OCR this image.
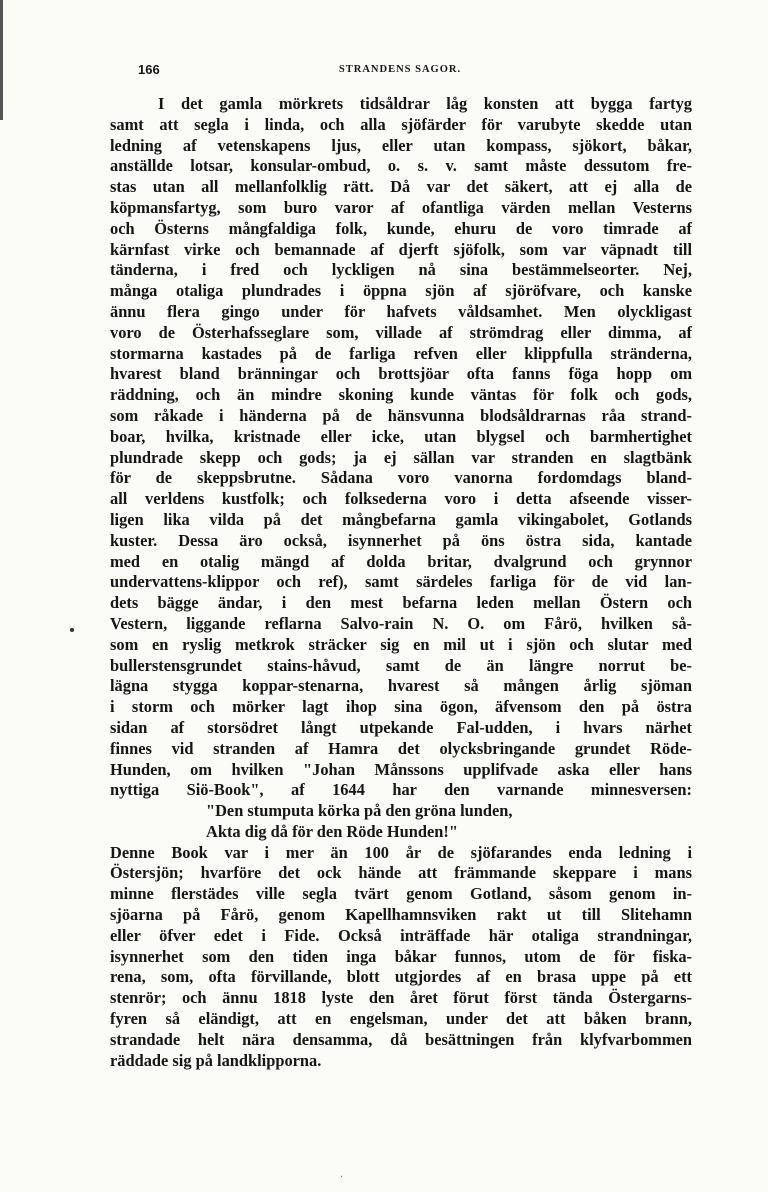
166	STRANDENS SAGOR.
I det gamla mörkrets tidsåldrar låg konsten att bygga fartyg
samt att segla i linda, och alla sjöfärder för varubyte skedde utan
ledning af vetenskapens ljus, eller utan kompass, sjökort, båkar,
anställde lotsar, konsular-ombud, o. s. v. samt måste dessutom fre-
stas utan all mellanfolklig rätt. Då var det säkert, att ej alla de
köpmansfartyg, som buro varor af ofantliga värden mellan Vesterns
och Österns mångfaldiga folk, kunde, ehuru de voro timrade af
kärnfast virke och bemannade af djerft sjöfolk, som var väpnadt till
tänderna, i fred och lyckligen nå sina bestämmelseorter. Nej,
många otaliga plundrades i öppna sjön af sjöröfvare, och kanske
ännu flera gingo under för hafvets våldsamhet. Men olyckligast
voro de Österhafsseglare som, villade af strömdrag eller dimma, af
stormarna kastades på de farliga refven eller klippfulla stränderna,
hvarest bland bränningar och brottsjöar ofta fanns föga hopp om
räddning, och än mindre skoning kunde väntas för folk och gods,
som råkade i händerna på de hänsvunna blodsåldrarnas råa strand-
boar, hvilka, kristnade eller icke, utan blygsel och barmhertighet
plundrade skepp och gods; ja ej sällan var stranden en slagtbänk
för de skeppsbrutne. Sådana voro vanorna fordomdags bland-
all verldens kustfolk; och folksederna voro i detta afseende visser-
ligen lika vilda på det mångbefarna gamla vikingabolet, Gotlands
kuster. Dessa äro också, isynnerhet på öns östra sida, kantade
med en otalig mängd af dolda britar, dvalgrund och grynnor
undervattens-klippor och ref), samt särdeles farliga för de vid lan-
dets bägge ändar, i den mest befarna leden mellan Östern och
Vestern, liggande reflarna Salvo-rain N. O. om Fårö, hvilken så-
som en ryslig metkrok sträcker sig en mil ut i sjön och slutar med
bullerstensgrundet stains-håvud, samt de än längre norrut be-
lägna stygga koppar-stenarna, hvarest så mången årlig sjöman
i storm och mörker lagt ihop sina ögon, äfvensom den på östra
sidan af storsödret långt utpekande Fal-udden, i hvars närhet
finnes vid stranden af Hamra det olycksbringande grundet Röde-
Hunden, om hvilken "Johan Månssons upplifvade aska eller hans
nyttiga Siö-Book", af 1644 har den varnande minnesversen:
"Den stumputa körka på den gröna lunden,
Akta dig då för den Röde Hunden!"
Denne Book var i mer än 100 år de sjöfarandes enda ledning i
Östersjön; hvarföre det ock hände att främmande skeppare i mans
minne flerstädes ville segla tvärt genom Gotland, såsom genom in-
sjöarna på Fårö, genom Kapellhamnsviken rakt ut till Slitehamn
eller öfver edet i Fide. Också inträffade här otaliga strandningar,
isynnerhet som den tiden inga båkar funnos, utom de för fiska-
rena, som, ofta förvillande, blott utgjordes af en brasa uppe på ett
stenrör; och ännu 1818 lyste den året förut först tända Östergarns-
fyren så eländigt, att en engelsman, under det att båken brann,
strandade helt nära densamma, då besättningen från klyfvarbommen
räddade sig på landklipporna.
·
